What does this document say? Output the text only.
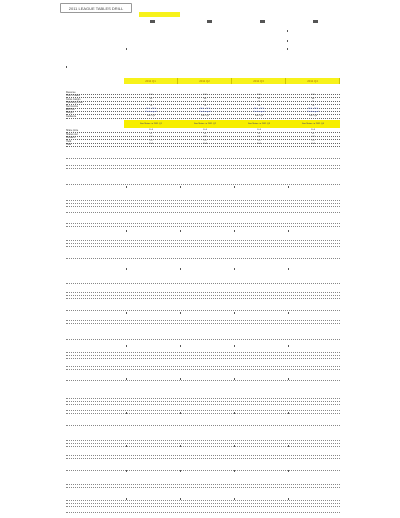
2011 LEAGUE TABLES DRILL
2011 Q1	2011 Q2	2011 Q3	2011 Q4
See Notes: in 2011 Q1	See Notes: in 2011 Q2	See Notes: in 2011 Q3	See Notes: in 2011 Q4
Revenue
Cost of sales	100	100	100	100
Gross margin	80	80	80	80
Operating costs	75	75	75	75
Net income	70	70	70	70
EBITDA	10.0 - 12.0	10.0 - 12.0	10.0 - 12.0	10.0 - 12.0
Margin	Unchanged	Unchanged	Unchanged	Unchanged
Guidance	2011 Q1	2011 Q2	2011 Q3	2011 Q4
Share price	10.5	10.5	10.5	10.5
Shares out	1.1	1.1	1.1	1.1
Dividend	0.2	0.2	0.2	0.2
Yield	2.5	2.5	2.5	2.5
Total	14.3	14.3	14.3	14.3
